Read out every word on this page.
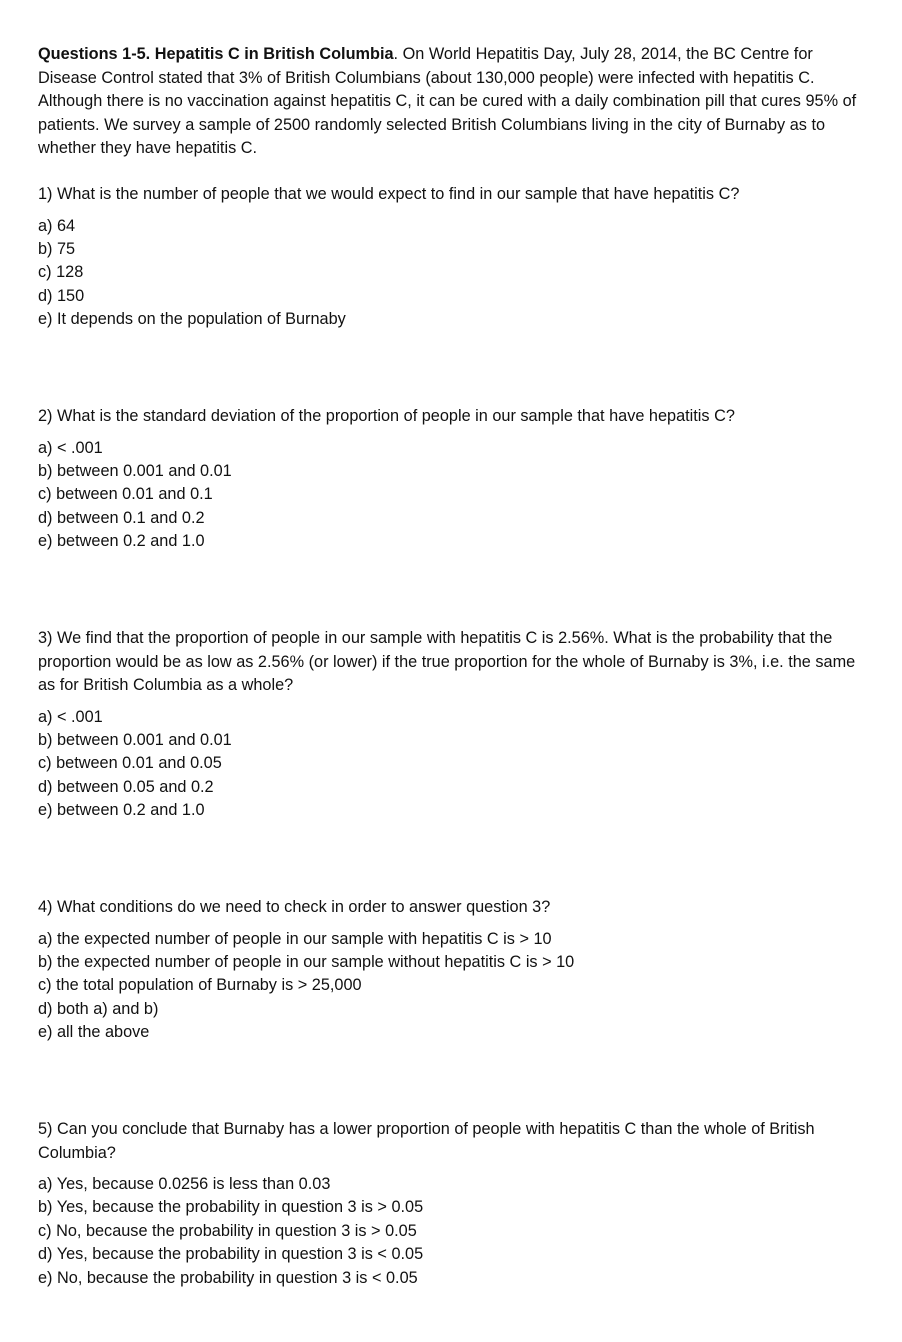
Questions 1-5. Hepatitis C in British Columbia. On World Hepatitis Day, July 28, 2014, the BC Centre for Disease Control stated that 3% of British Columbians (about 130,000 people) were infected with hepatitis C. Although there is no vaccination against hepatitis C, it can be cured with a daily combination pill that cures 95% of patients. We survey a sample of 2500 randomly selected British Columbians living in the city of Burnaby as to whether they have hepatitis C.

1) What is the number of people that we would expect to find in our sample that have hepatitis C?

a) 64
b) 75
c) 128
d) 150
e) It depends on the population of Burnaby

2) What is the standard deviation of the proportion of people in our sample that have hepatitis C?

a) < .001
b) between 0.001 and 0.01
c) between 0.01 and 0.1
d) between 0.1 and 0.2
e) between 0.2 and 1.0

3) We find that the proportion of people in our sample with hepatitis C is 2.56%. What is the probability that the proportion would be as low as 2.56% (or lower) if the true proportion for the whole of Burnaby is 3%, i.e. the same as for British Columbia as a whole?

a) < .001
b) between 0.001 and 0.01
c) between 0.01 and 0.05
d) between 0.05 and 0.2
e) between 0.2 and 1.0

4) What conditions do we need to check in order to answer question 3?

a) the expected number of people in our sample with hepatitis C is > 10
b) the expected number of people in our sample without hepatitis C is > 10
c) the total population of Burnaby is > 25,000
d) both a) and b)
e) all the above

5) Can you conclude that Burnaby has a lower proportion of people with hepatitis C than the whole of British Columbia?

a) Yes, because 0.0256 is less than 0.03
b) Yes, because the probability in question 3 is > 0.05
c) No, because the probability in question 3 is > 0.05
d) Yes, because the probability in question 3 is < 0.05
e) No, because the probability in question 3 is < 0.05
